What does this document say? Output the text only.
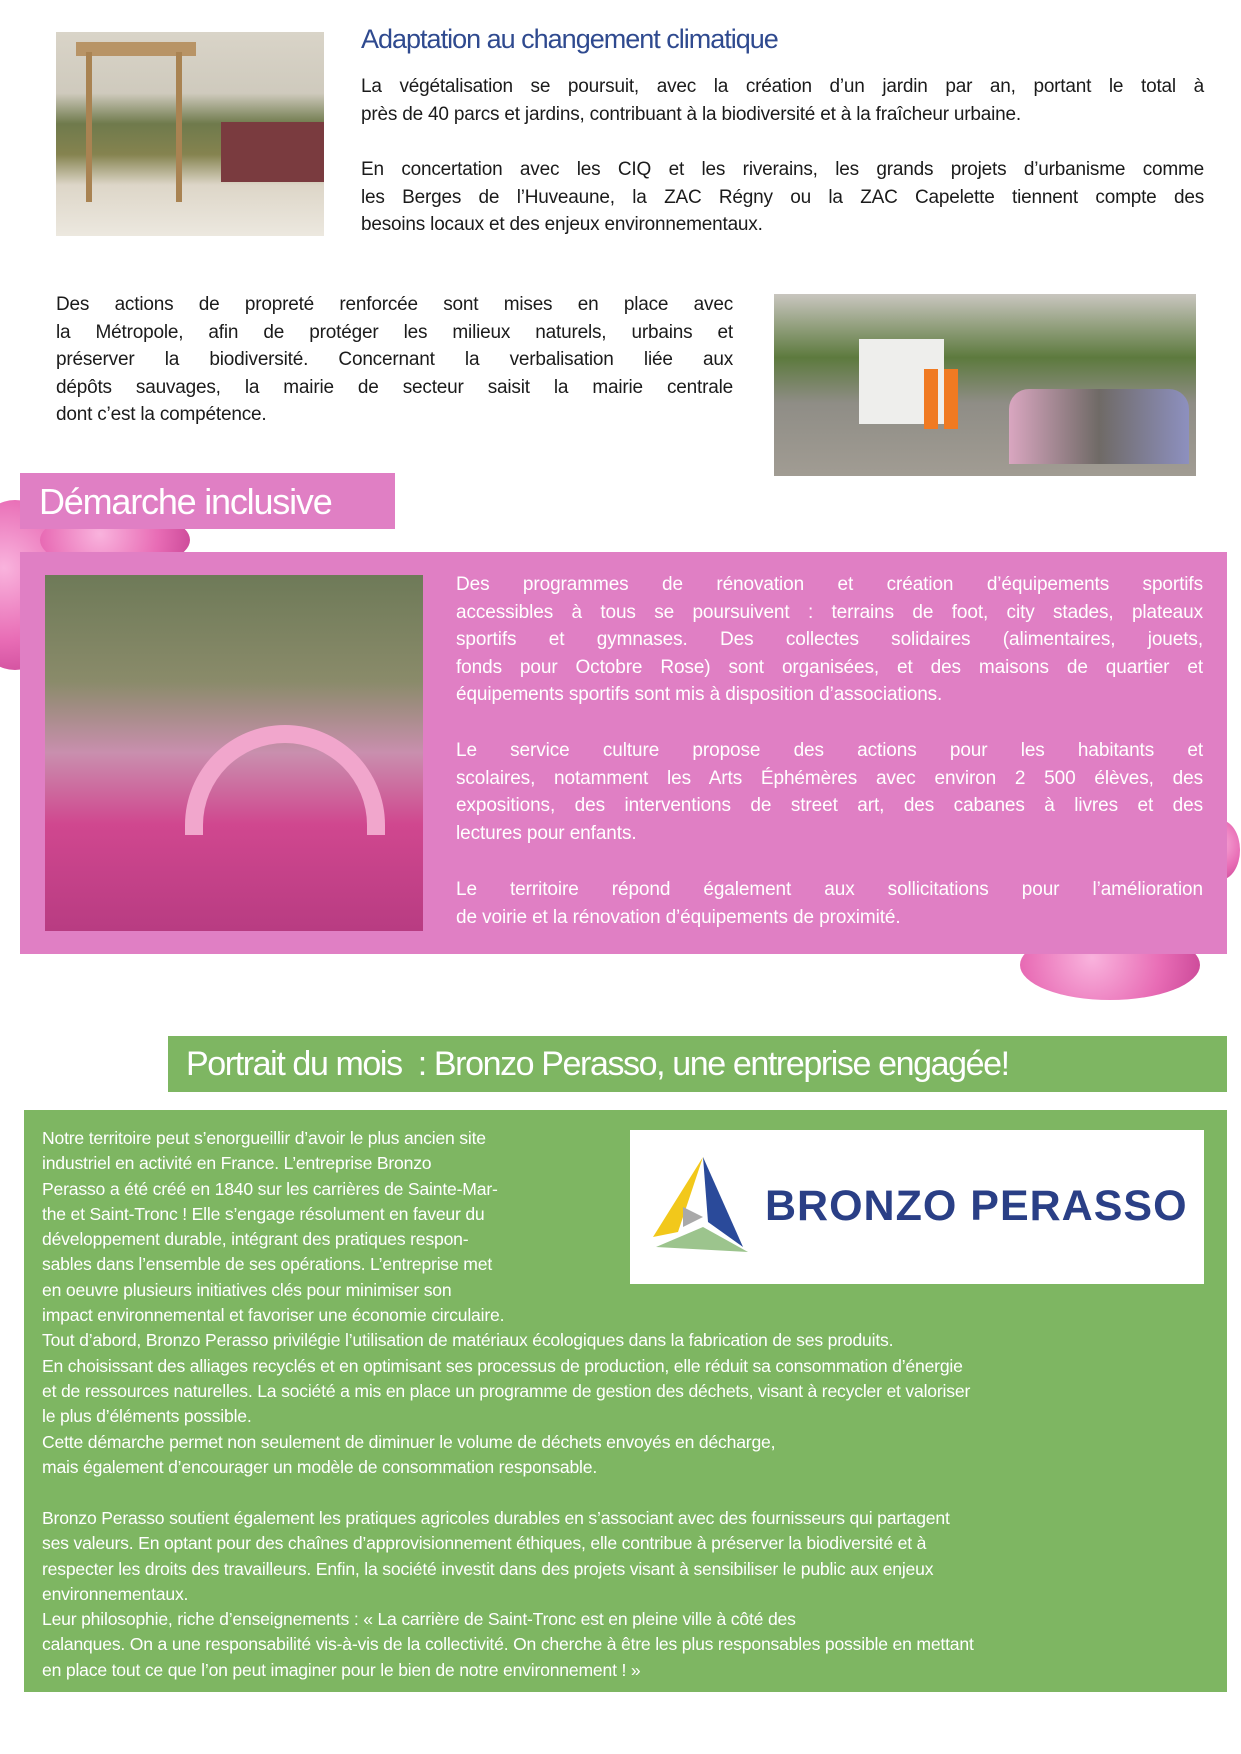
Adaptation au changement climatique
La végétalisation se poursuit, avec la création d’un jardin par an, portant le total à
près de 40 parcs et jardins, contribuant à la biodiversité et à la fraîcheur urbaine.
En concertation avec les CIQ et les riverains, les grands projets d’urbanisme comme
les Berges de l’Huveaune, la ZAC Régny ou la ZAC Capelette tiennent compte des
besoins locaux et des enjeux environnementaux.
Des actions de propreté renforcée sont mises en place avec
la Métropole, afin de protéger les milieux naturels, urbains et
préserver la biodiversité. Concernant la verbalisation liée aux
dépôts sauvages, la mairie de secteur saisit la mairie centrale
dont c’est la compétence.
Démarche inclusive
Des programmes de rénovation et création d’équipements sportifs
accessibles à tous se poursuivent : terrains de foot, city stades, plateaux
sportifs et gymnases. Des collectes solidaires (alimentaires, jouets,
fonds pour Octobre Rose) sont organisées, et des maisons de quartier et
équipements sportifs sont mis à disposition d’associations.
Le service culture propose des actions pour les habitants et
scolaires, notamment les Arts Éphémères avec environ 2 500 élèves, des
expositions, des interventions de street art, des cabanes à livres et des
lectures pour enfants.
Le territoire répond également aux sollicitations pour l’amélioration
de voirie et la rénovation d’équipements de proximité.
Portrait du mois  : Bronzo Perasso, une entreprise engagée!
BRONZO PERASSO
Notre territoire peut s’enorgueillir d’avoir le plus ancien site
industriel en activité en France. L’entreprise Bronzo
Perasso a été créé en 1840 sur les carrières de Sainte-Mar-
the et Saint-Tronc ! Elle s’engage résolument en faveur du
développement durable, intégrant des pratiques respon-
sables dans l’ensemble de ses opérations. L’entreprise met
en oeuvre plusieurs initiatives clés pour minimiser son
impact environnemental et favoriser une économie circulaire.
Tout d’abord, Bronzo Perasso privilégie l’utilisation de matériaux écologiques dans la fabrication de ses produits.
En choisissant des alliages recyclés et en optimisant ses processus de production, elle réduit sa consommation d’énergie
et de ressources naturelles. La société a mis en place un programme de gestion des déchets, visant à recycler et valoriser
le plus d’éléments possible.
Cette démarche permet non seulement de diminuer le volume de déchets envoyés en décharge,
mais également d’encourager un modèle de consommation responsable.
Bronzo Perasso soutient également les pratiques agricoles durables en s’associant avec des fournisseurs qui partagent
ses valeurs. En optant pour des chaînes d’approvisionnement éthiques, elle contribue à préserver la biodiversité et à
respecter les droits des travailleurs. Enfin, la société investit dans des projets visant à sensibiliser le public aux enjeux
environnementaux.
Leur philosophie, riche d’enseignements : « La carrière de Saint-Tronc est en pleine ville à côté des
calanques. On a une responsabilité vis-à-vis de la collectivité. On cherche à être les plus responsables possible en mettant
en place tout ce que l’on peut imaginer pour le bien de notre environnement ! »
